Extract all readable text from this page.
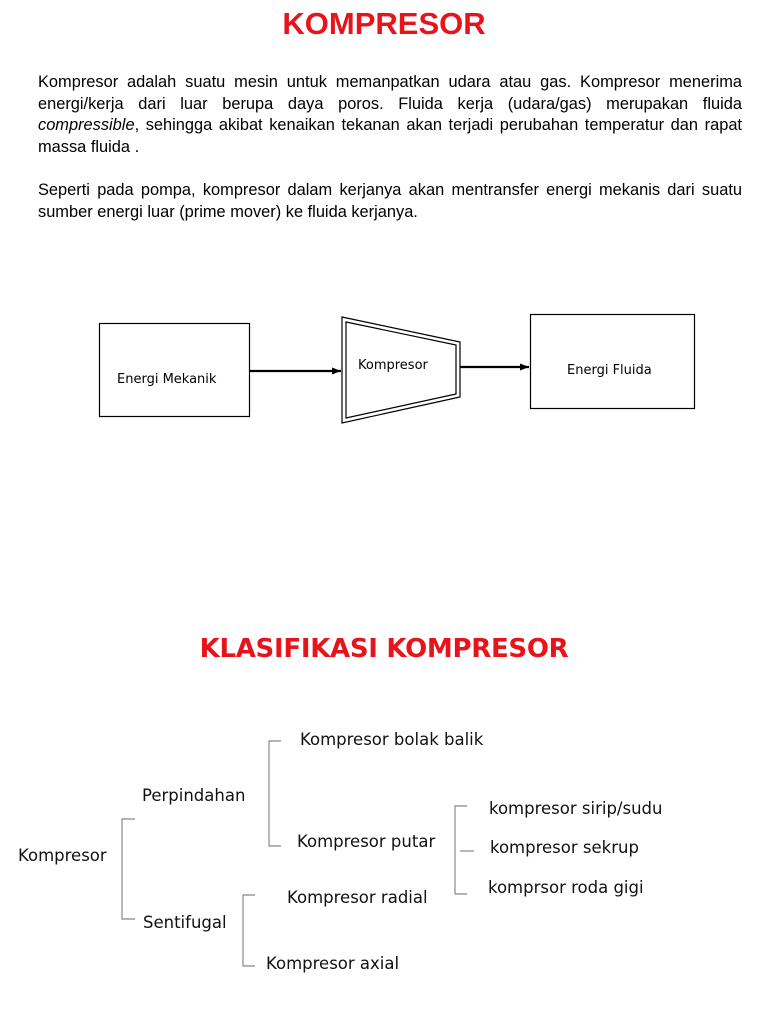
KOMPRESOR

Kompresor adalah suatu mesin untuk memanpatkan udara atau gas. Kompresor menerima energi/kerja dari luar berupa daya poros. Fluida kerja (udara/gas) merupakan fluida compressible, sehingga akibat kenaikan tekanan akan terjadi perubahan temperatur dan rapat massa fluida .

Seperti pada pompa, kompresor dalam kerjanya akan mentransfer energi mekanis dari suatu sumber energi luar (prime mover) ke fluida kerjanya.

Energi Mekanik
Kompresor	Energi Fluida
KLASIFIKASI KOMPRESOR
Kompresor
Perpindahan
Kompresor bolak balik
Kompresor putar
kompresor sirip/sudu
kompresor sekrup
komprsor roda gigi
Sentifugal
Kompresor radial
Kompresor axial
